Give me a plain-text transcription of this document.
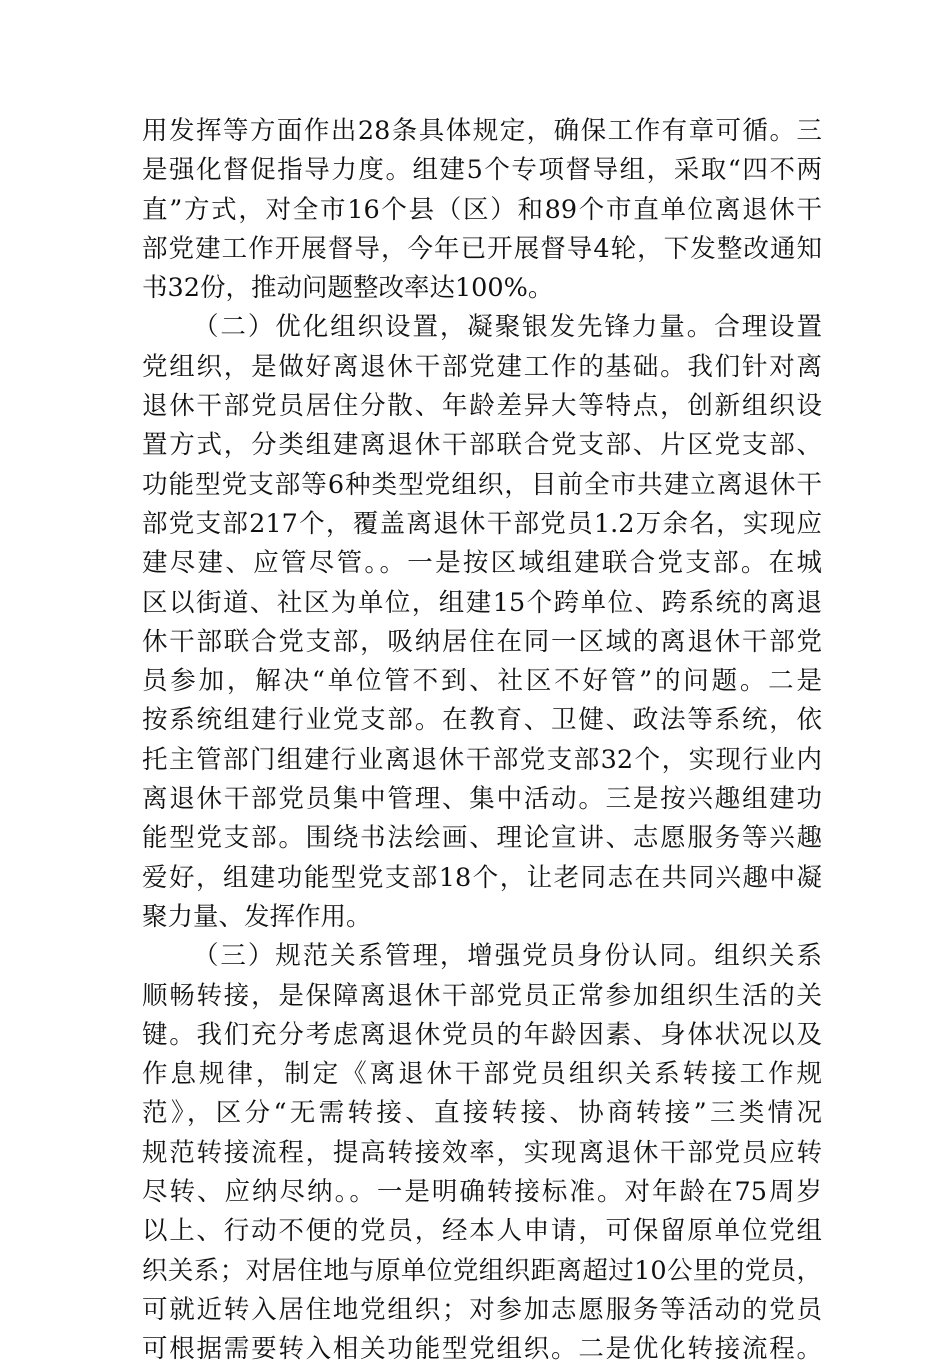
用发挥等方面作出28条具体规定，确保工作有章可循。三
是强化督促指导力度。组建5个专项督导组，采取“四不两
直”方式，对全市16个县（区）和89个市直单位离退休干
部党建工作开展督导，今年已开展督导4轮，下发整改通知
书32份，推动问题整改率达100%。
（二）优化组织设置，凝聚银发先锋力量。合理设置
党组织，是做好离退休干部党建工作的基础。我们针对离
退休干部党员居住分散、年龄差异大等特点，创新组织设
置方式，分类组建离退休干部联合党支部、片区党支部、
功能型党支部等6种类型党组织，目前全市共建立离退休干
部党支部217个，覆盖离退休干部党员1.2万余名，实现应
建尽建、应管尽管。。一是按区域组建联合党支部。在城
区以街道、社区为单位，组建15个跨单位、跨系统的离退
休干部联合党支部，吸纳居住在同一区域的离退休干部党
员参加，解决“单位管不到、社区不好管”的问题。二是
按系统组建行业党支部。在教育、卫健、政法等系统，依
托主管部门组建行业离退休干部党支部32个，实现行业内
离退休干部党员集中管理、集中活动。三是按兴趣组建功
能型党支部。围绕书法绘画、理论宣讲、志愿服务等兴趣
爱好，组建功能型党支部18个，让老同志在共同兴趣中凝
聚力量、发挥作用。
（三）规范关系管理，增强党员身份认同。组织关系
顺畅转接，是保障离退休干部党员正常参加组织生活的关
键。我们充分考虑离退休党员的年龄因素、身体状况以及
作息规律，制定《离退休干部党员组织关系转接工作规
范》，区分“无需转接、直接转接、协商转接”三类情况
规范转接流程，提高转接效率，实现离退休干部党员应转
尽转、应纳尽纳。。一是明确转接标准。对年龄在75周岁
以上、行动不便的党员，经本人申请，可保留原单位党组
织关系；对居住地与原单位党组织距离超过10公里的党员，
可就近转入居住地党组织；对参加志愿服务等活动的党员
可根据需要转入相关功能型党组织。二是优化转接流程。
